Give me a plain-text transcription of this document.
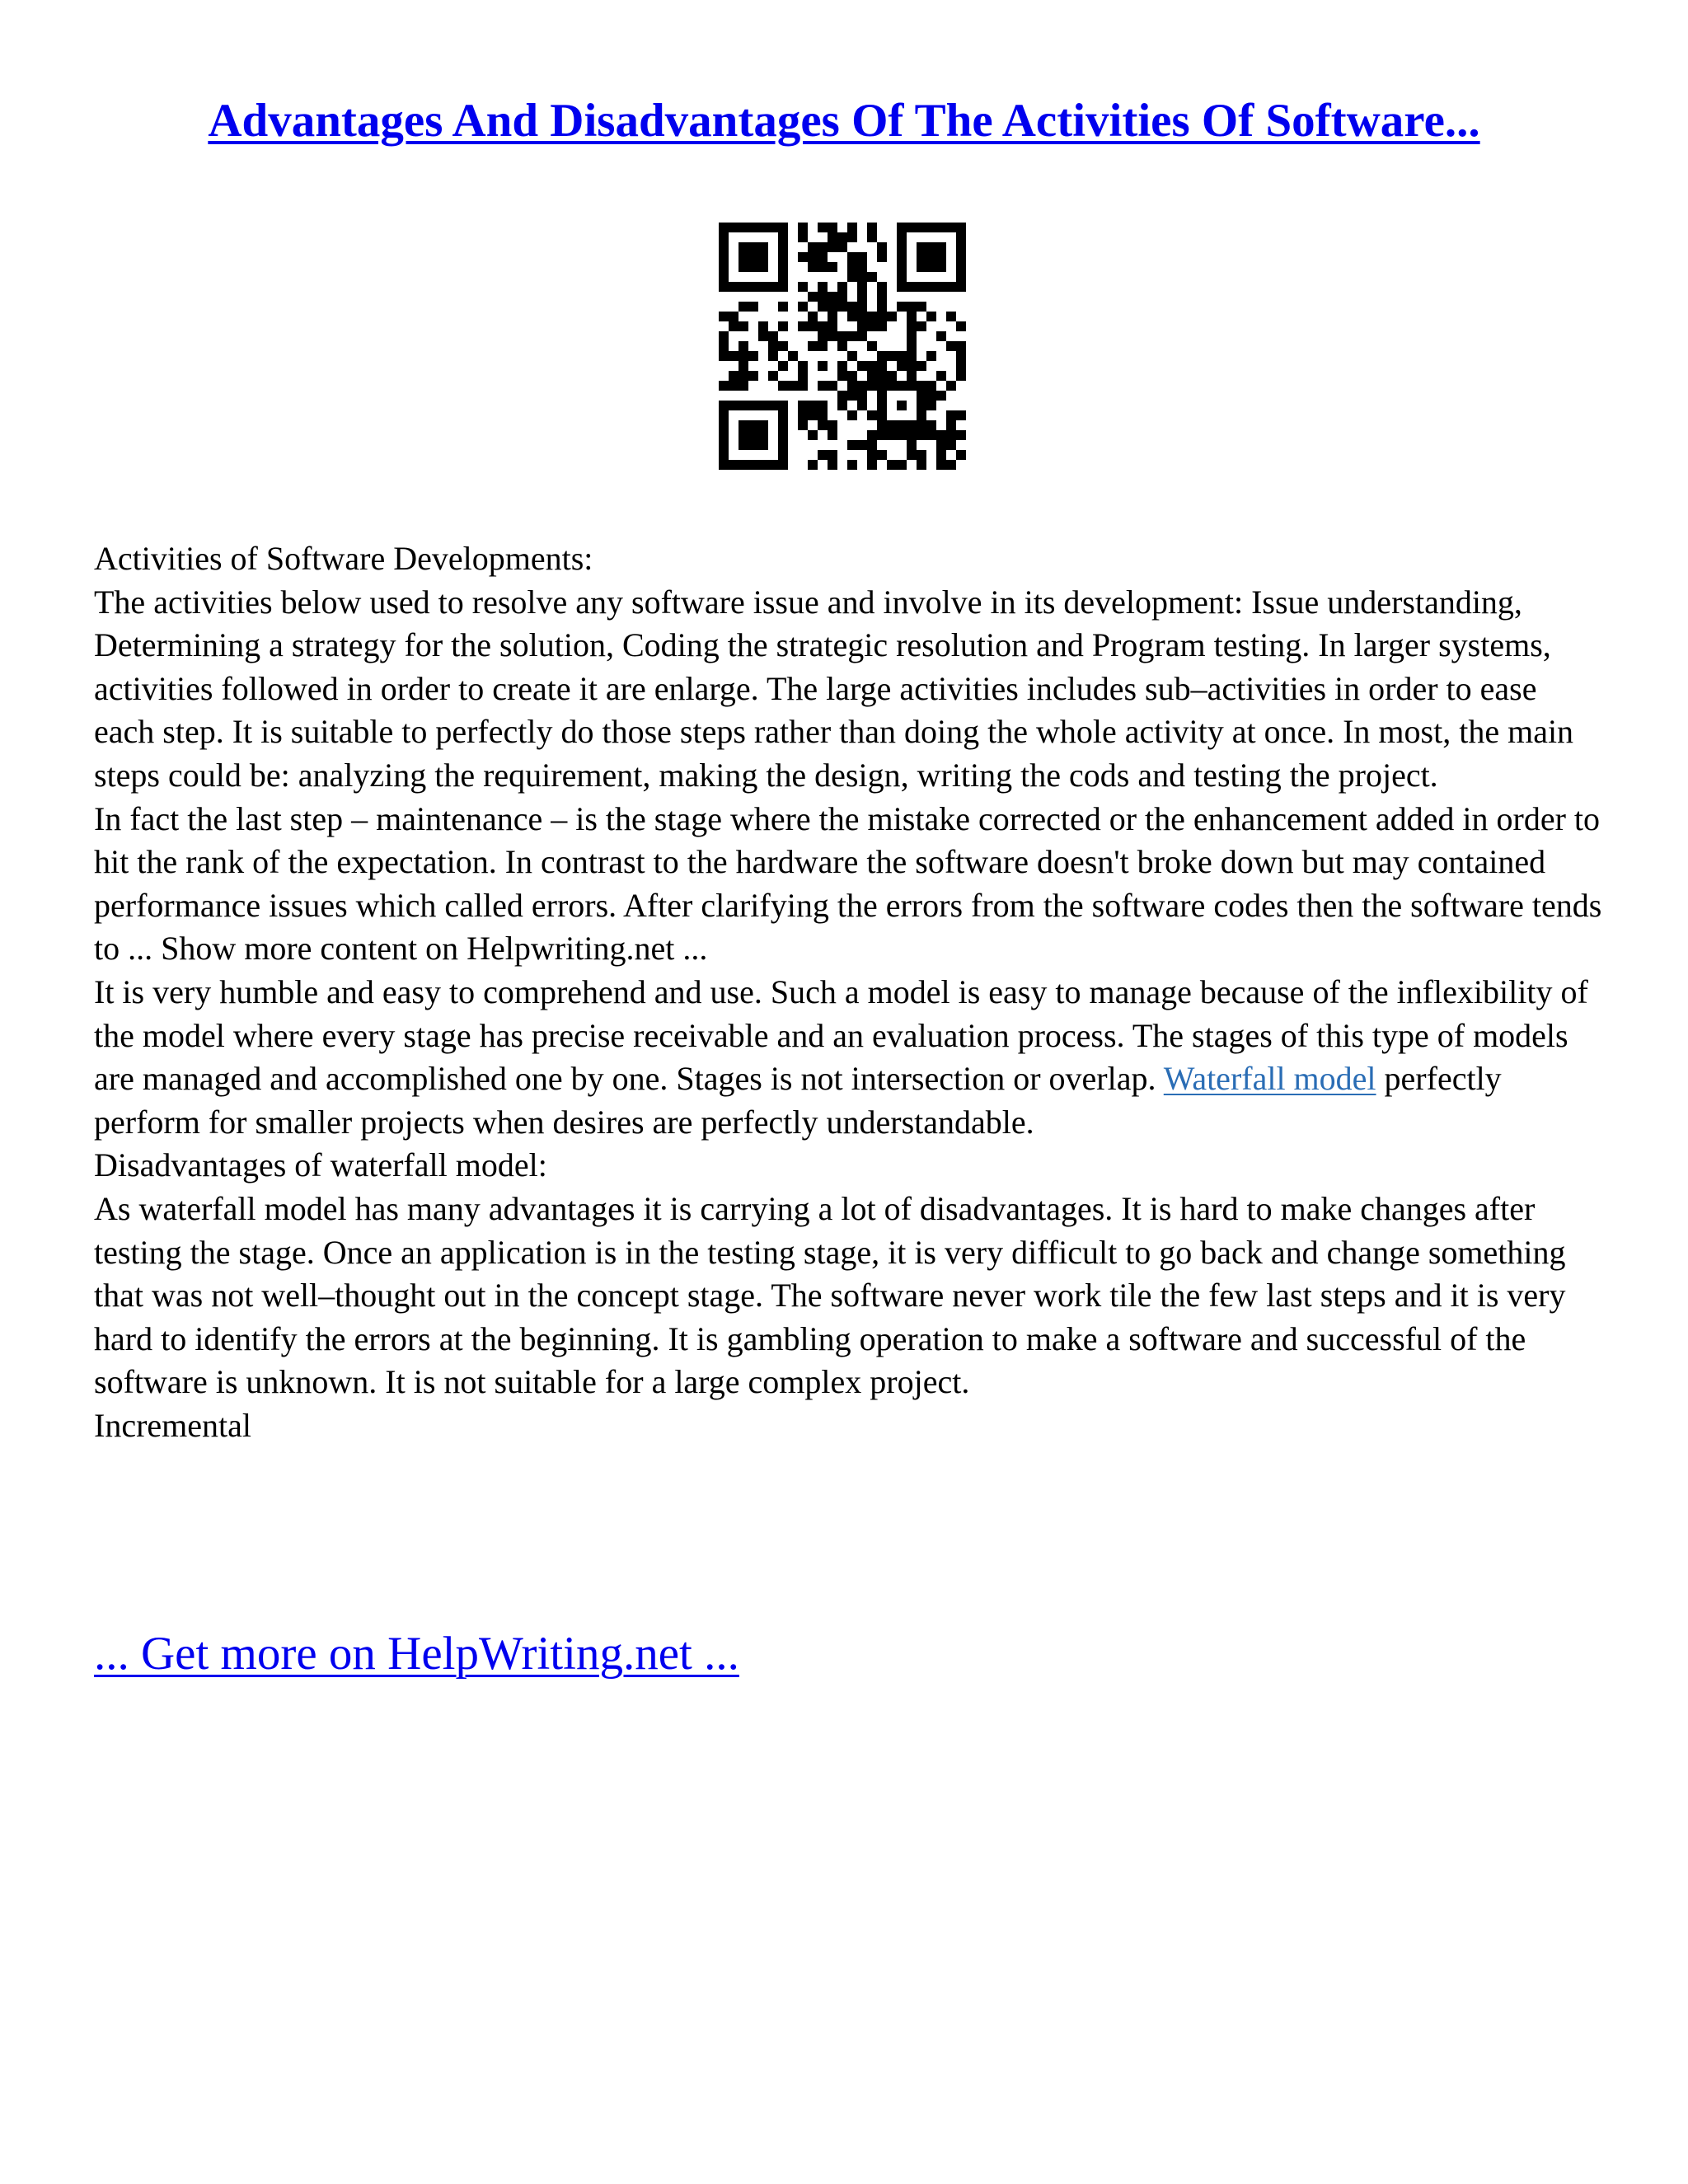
Advantages And Disadvantages Of The Activities Of Software...

Activities of Software Developments:

The activities below used to resolve any software issue and involve in its development: Issue understanding, Determining a strategy for the solution, Coding the strategic resolution and Program testing. In larger systems, activities followed in order to create it are enlarge. The large activities includes sub–activities in order to ease each step. It is suitable to perfectly do those steps rather than doing the whole activity at once. In most, the main steps could be: analyzing the requirement, making the design, writing the cods and testing the project.

In fact the last step – maintenance – is the stage where the mistake corrected or the enhancement added in order to hit the rank of the expectation. In contrast to the hardware the software doesn't broke down but may contained performance issues which called errors. After clarifying the errors from the software codes then the software tends to ... Show more content on Helpwriting.net ...

It is very humble and easy to comprehend and use. Such a model is easy to manage because of the inflexibility of the model where every stage has precise receivable and an evaluation process. The stages of this type of models are managed and accomplished one by one. Stages is not intersection or overlap. Waterfall model perfectly perform for smaller projects when desires are perfectly understandable.

Disadvantages of waterfall model:

As waterfall model has many advantages it is carrying a lot of disadvantages. It is hard to make changes after testing the stage. Once an application is in the testing stage, it is very difficult to go back and change something that was not well–thought out in the concept stage. The software never work tile the few last steps and it is very hard to identify the errors at the beginning. It is gambling operation to make a software and successful of the software is unknown. It is not suitable for a large complex project.

Incremental

... Get more on HelpWriting.net ...
